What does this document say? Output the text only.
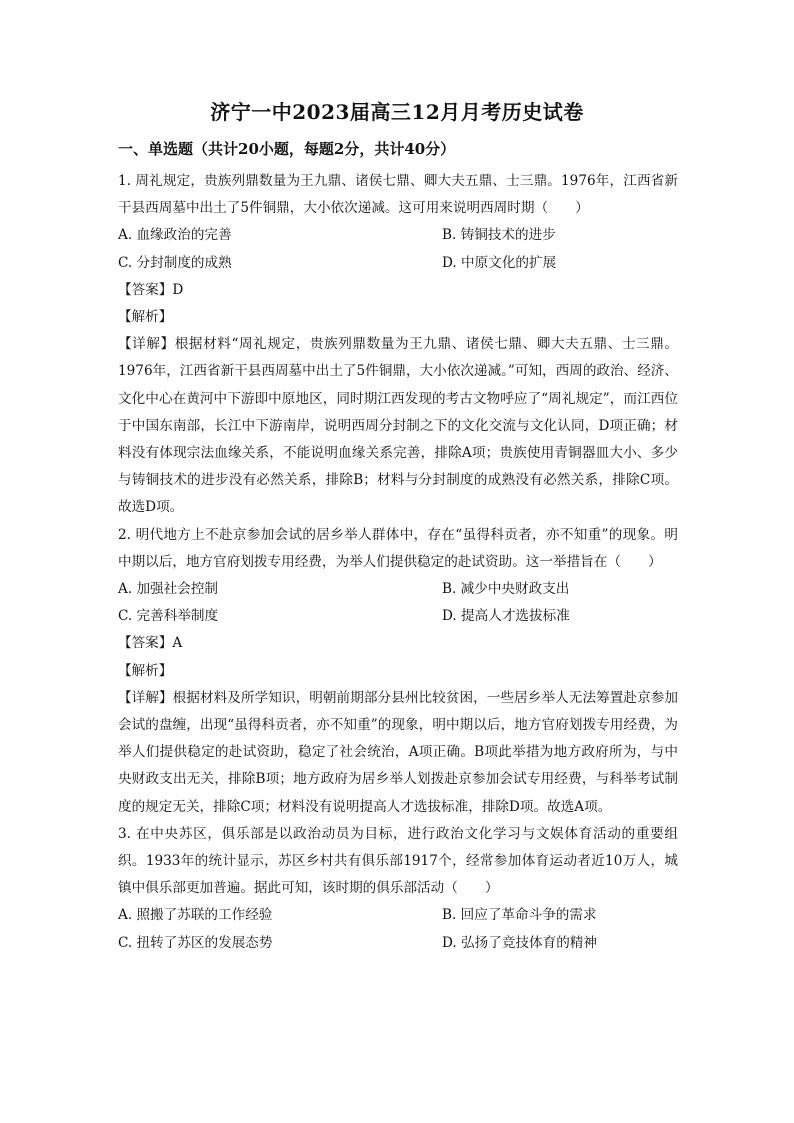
济宁一中2023届高三12月月考历史试卷
一、单选题（共计20小题，每题2分，共计40分）

1. 周礼规定，贵族列鼎数量为王九鼎、诸侯七鼎、卿大夫五鼎、士三鼎。1976年，江西省新干县西周墓中出土了5件铜鼎，大小依次递减。这可用来说明西周时期（　　）

A. 血缘政治的完善	B. 铸铜技术的进步
C. 分封制度的成熟	D. 中原文化的扩展

【答案】D

【解析】

【详解】根据材料“周礼规定，贵族列鼎数量为王九鼎、诸侯七鼎、卿大夫五鼎、士三鼎。1976年，江西省新干县西周墓中出土了5件铜鼎，大小依次递减。”可知，西周的政治、经济、文化中心在黄河中下游即中原地区，同时期江西发现的考古文物呼应了“周礼规定”，而江西位于中国东南部，长江中下游南岸，说明西周分封制之下的文化交流与文化认同，D项正确；材料没有体现宗法血缘关系，不能说明血缘关系完善，排除A项；贵族使用青铜器皿大小、多少与铸铜技术的进步没有必然关系，排除B；材料与分封制度的成熟没有必然关系，排除C项。故选D项。

2. 明代地方上不赴京参加会试的居乡举人群体中，存在“虽得科贡者，亦不知重”的现象。明中期以后，地方官府划拨专用经费，为举人们提供稳定的赴试资助。这一举措旨在（　　）

A. 加强社会控制	B. 减少中央财政支出
C. 完善科举制度	D. 提高人才选拔标准

【答案】A

【解析】

【详解】根据材料及所学知识，明朝前期部分县州比较贫困，一些居乡举人无法筹置赴京参加会试的盘缠，出现“虽得科贡者，亦不知重”的现象，明中期以后，地方官府划拨专用经费，为举人们提供稳定的赴试资助，稳定了社会统治，A项正确。B项此举措为地方政府所为，与中央财政支出无关，排除B项；地方政府为居乡举人划拨赴京参加会试专用经费，与科举考试制度的规定无关，排除C项；材料没有说明提高人才选拔标准，排除D项。故选A项。

3. 在中央苏区，俱乐部是以政治动员为目标，进行政治文化学习与文娱体育活动的重要组织。1933年的统计显示，苏区乡村共有俱乐部1917个，经常参加体育运动者近10万人，城镇中俱乐部更加普遍。据此可知，该时期的俱乐部活动（　　）

A. 照搬了苏联的工作经验	B. 回应了革命斗争的需求
C. 扭转了苏区的发展态势	D. 弘扬了竞技体育的精神
